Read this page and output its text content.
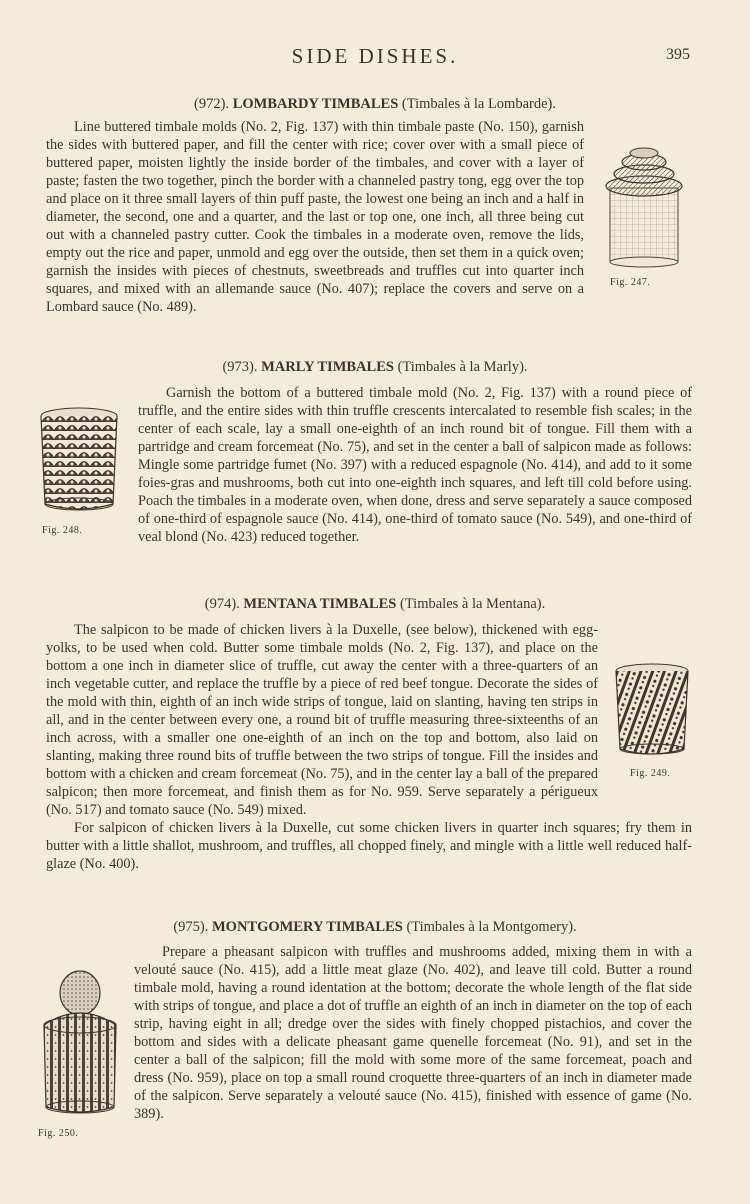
SIDE DISHES.	395
(972). LOMBARDY TIMBALES (Timbales à la Lombarde).
Fig. 247.

Line buttered timbale molds (No. 2, Fig. 137) with thin timbale paste (No. 150), garnish the sides with buttered paper, and fill the center with rice; cover over with a small piece of buttered paper, moisten lightly the inside border of the timbales, and cover with a layer of paste; fasten the two together, pinch the border with a channeled pastry tong, egg over the top and place on it three small layers of thin puff paste, the lowest one being an inch and a half in diameter, the second, one and a quarter, and the last or top one, one inch, all three being cut out with a channeled pastry cutter. Cook the timbales in a moderate oven, remove the lids, empty out the rice and paper, unmold and egg over the outside, then set them in a quick oven; garnish the insides with pieces of chestnuts, sweetbreads and truffles cut into quarter inch squares, and mixed with an allemande sauce (No. 407); replace the covers and serve on a Lombard sauce (No. 489).

(973). MARLY TIMBALES (Timbales à la Marly).
Fig. 248.

Garnish the bottom of a buttered timbale mold (No. 2, Fig. 137) with a round piece of truffle, and the entire sides with thin truffle crescents intercalated to resemble fish scales; in the center of each scale, lay a small one-eighth of an inch round bit of tongue. Fill them with a partridge and cream forcemeat (No. 75), and set in the center a ball of salpicon made as follows: Mingle some partridge fumet (No. 397) with a reduced espagnole (No. 414), and add to it some foies-gras and mushrooms, both cut into one-eighth inch squares, and left till cold before using. Poach the timbales in a moderate oven, when done, dress and serve separately a sauce composed of one-third of espagnole sauce (No. 414), one-third of tomato sauce (No. 549), and one-third of veal blond (No. 423) reduced together.

(974). MENTANA TIMBALES (Timbales à la Mentana).
Fig. 249.

The salpicon to be made of chicken livers à la Duxelle, (see below), thickened with egg-yolks, to be used when cold. Butter some timbale molds (No. 2, Fig. 137), and place on the bottom a one inch in diameter slice of truffle, cut away the center with a three-quarters of an inch vegetable cutter, and replace the truffle by a piece of red beef tongue. Decorate the sides of the mold with thin, eighth of an inch wide strips of tongue, laid on slanting, having ten strips in all, and in the center between every one, a round bit of truffle measuring three-sixteenths of an inch across, with a smaller one one-eighth of an inch on the top and bottom, also laid on slanting, making three round bits of truffle between the two strips of tongue. Fill the insides and bottom with a chicken and cream forcemeat (No. 75), and in the center lay a ball of the prepared salpicon; then more forcemeat, and finish them as for No. 959. Serve separately a périgueux (No. 517) and tomato sauce (No. 549) mixed.

For salpicon of chicken livers à la Duxelle, cut some chicken livers in quarter inch squares; fry them in butter with a little shallot, mushroom, and truffles, all chopped finely, and mingle with a little well reduced half-glaze (No. 400).

(975). MONTGOMERY TIMBALES (Timbales à la Montgomery).
Fig. 250.

Prepare a pheasant salpicon with truffles and mushrooms added, mixing them in with a velouté sauce (No. 415), add a little meat glaze (No. 402), and leave till cold. Butter a round timbale mold, having a round identation at the bottom; decorate the whole length of the flat side with strips of tongue, and place a dot of truffle an eighth of an inch in diameter on the top of each strip, having eight in all; dredge over the sides with finely chopped pistachios, and cover the bottom and sides with a delicate pheasant game quenelle forcemeat (No. 91), and set in the center a ball of the salpicon; fill the mold with some more of the same forcemeat, poach and dress (No. 959), place on top a small round croquette three-quarters of an inch in diameter made of the salpicon. Serve separately a velouté sauce (No. 415), finished with essence of game (No. 389).
